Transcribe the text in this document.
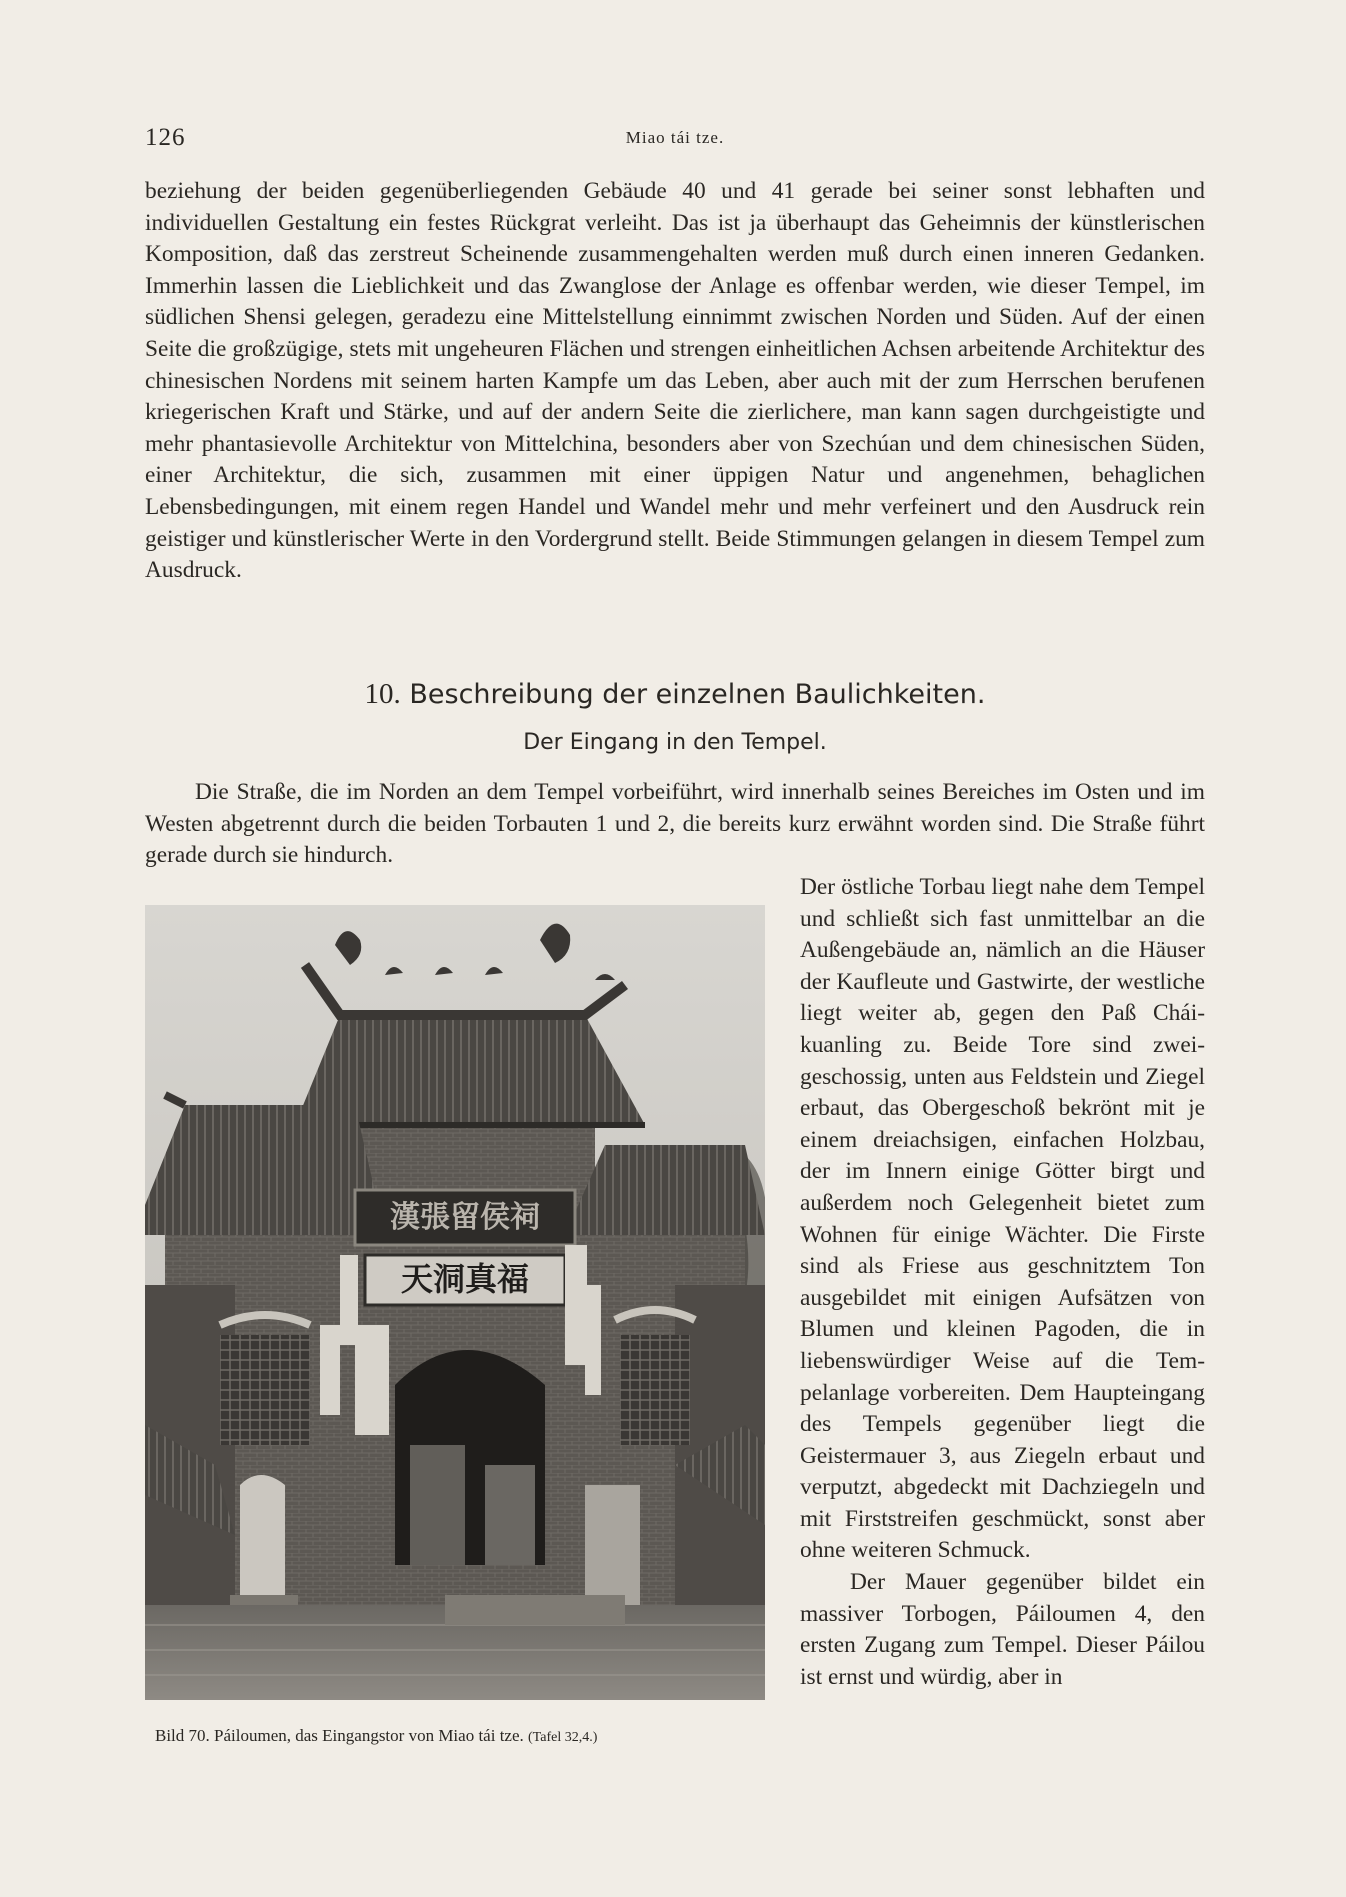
126	Miao tái tze.

beziehung der beiden gegenüberliegenden Gebäude 40 und 41 gerade bei seiner sonst lebhaften und individuellen Gestaltung ein festes Rückgrat verleiht. Das ist ja überhaupt das Geheimnis der künstlerischen Komposition, daß das zerstreut Scheinende zusammengehalten werden muß durch einen inneren Gedanken. Immerhin lassen die Lieblichkeit und das Zwanglose der Anlage es offenbar werden, wie dieser Tempel, im südlichen Shensi gelegen, geradezu eine Mittelstellung einnimmt zwischen Norden und Süden. Auf der einen Seite die großzügige, stets mit ungeheuren Flächen und strengen einheitlichen Achsen arbeitende Architektur des chinesischen Nordens mit seinem harten Kampfe um das Leben, aber auch mit der zum Herrschen berufenen kriegerischen Kraft und Stärke, und auf der andern Seite die zierlichere, man kann sagen durchgeistigte und mehr phantasievolle Architektur von Mittelchina, besonders aber von Szechúan und dem chinesischen Süden, einer Architektur, die sich, zusammen mit einer üppigen Natur und angenehmen, behaglichen Lebensbedingungen, mit einem regen Handel und Wandel mehr und mehr verfeinert und den Ausdruck rein geistiger und künstlerischer Werte in den Vordergrund stellt. Beide Stimmungen gelangen in diesem Tempel zum Ausdruck.

10. Beschreibung der einzelnen Baulichkeiten.
Der Eingang in den Tempel.

Die Straße, die im Norden an dem Tempel vorbeiführt, wird innerhalb seines Bereiches im Osten und im Westen abgetrennt durch die beiden Torbauten 1 und 2, die bereits kurz erwähnt worden sind. Die Straße führt gerade durch sie hindurch.

Der östliche Torbau liegt nahe dem Tempel und schließt sich fast unmittelbar an die Außengebäude an, nämlich an die Häuser der Kaufleute und Gastwirte, der westliche liegt weiter ab, gegen den Paß Cháikuanling zu. Beide Tore sind zweigeschossig, unten aus Feldstein und Ziegel erbaut, das Obergeschoß bekrönt mit je einem dreiachsigen, einfachen Holzbau, der im Innern einige Götter birgt und außerdem noch Gelegenheit bietet zum Wohnen für einige Wächter. Die Firste sind als Friese aus geschnitztem Ton ausgebildet mit einigen Aufsätzen von Blumen und kleinen Pagoden, die in liebenswürdiger Weise auf die Tempelanlage vorbereiten. Dem Haupteingang des Tempels gegenüber liegt die Geistermauer 3, aus Ziegeln erbaut und verputzt, abgedeckt mit Dachziegeln und mit Firststreifen geschmückt, sonst aber ohne weiteren Schmuck.

Der Mauer gegenüber bildet ein massiver Torbogen, Páiloumen 4, den ersten Zugang zum Tempel. Dieser Páilou ist ernst und würdig, aber in

漢張留侯祠
天洞真福
Bild 70. Páiloumen, das Eingangstor von Miao tái tze. (Tafel 32,4.)
